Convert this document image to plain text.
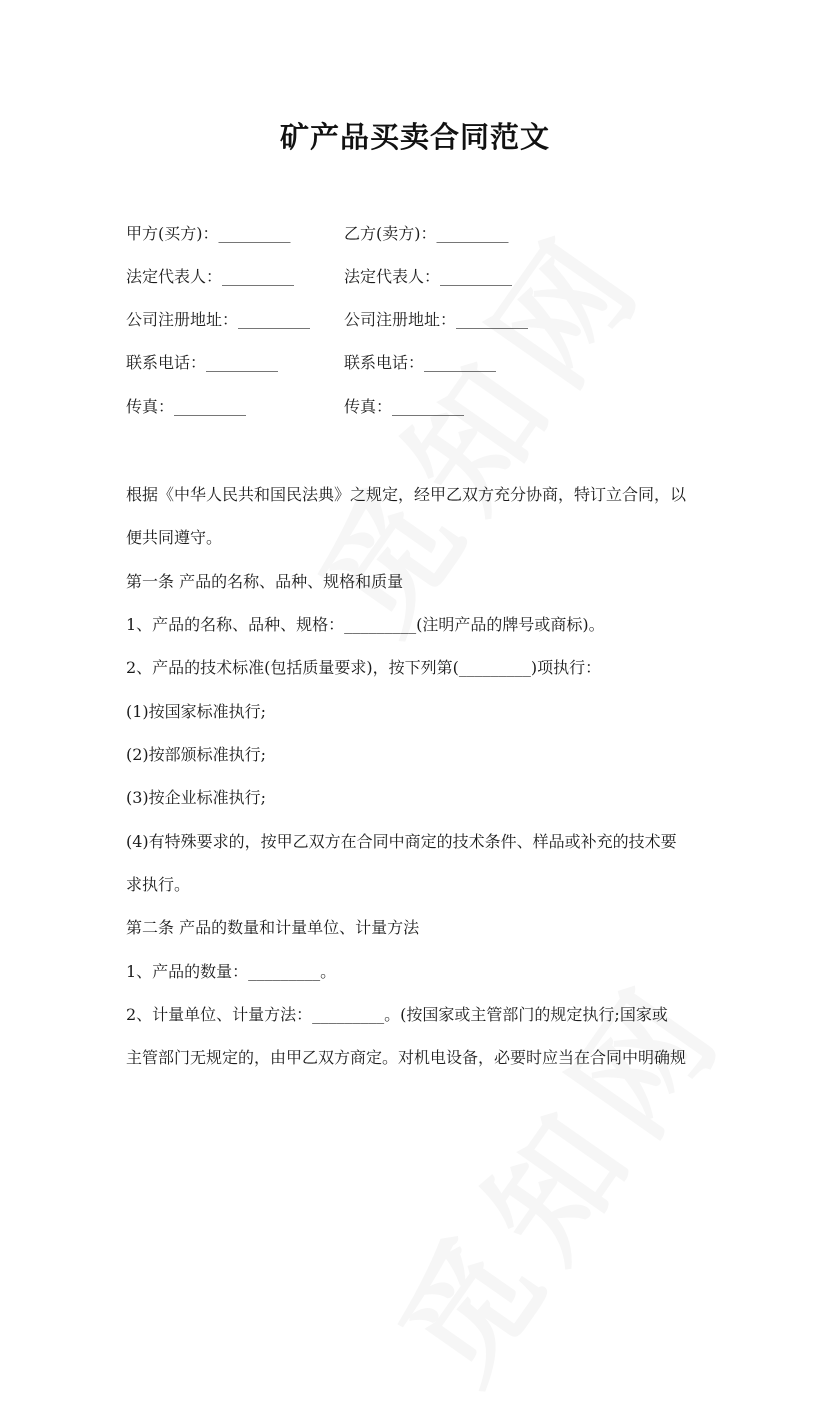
矿产品买卖合同范文
甲方(买方)：_________
法定代表人：_________
公司注册地址：_________
联系电话：_________
传真：_________
乙方(卖方)：_________
法定代表人：_________
公司注册地址：_________
联系电话：_________
传真：_________
根据《中华人民共和国民法典》之规定，经甲乙双方充分协商，特订立合同，以
便共同遵守。
第一条 产品的名称、品种、规格和质量
1、产品的名称、品种、规格：_________(注明产品的牌号或商标)。
2、产品的技术标准(包括质量要求)，按下列第(_________)项执行：
(1)按国家标准执行;
(2)按部颁标准执行;
(3)按企业标准执行;
(4)有特殊要求的，按甲乙双方在合同中商定的技术条件、样品或补充的技术要
求执行。
第二条 产品的数量和计量单位、计量方法
1、产品的数量：_________。
2、计量单位、计量方法：_________。(按国家或主管部门的规定执行;国家或
主管部门无规定的，由甲乙双方商定。对机电设备，必要时应当在合同中明确规
